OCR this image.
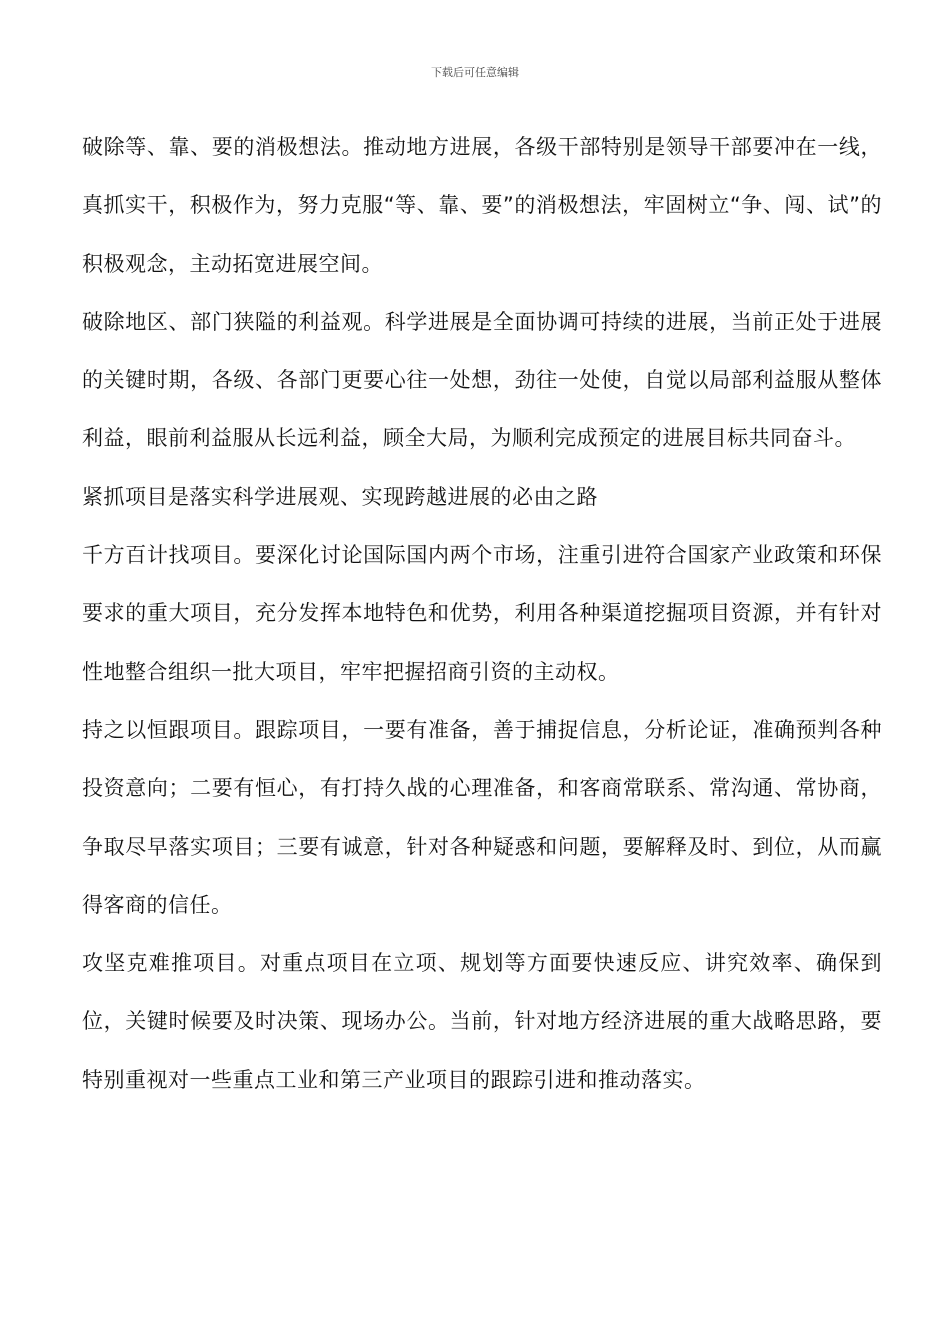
下载后可任意编辑

破除等、靠、要的消极想法。推动地方进展，各级干部特别是领导干部要冲在一线，真抓实干，积极作为，努力克服“等、靠、要”的消极想法，牢固树立“争、闯、试”的积极观念，主动拓宽进展空间。

破除地区、部门狭隘的利益观。科学进展是全面协调可持续的进展，当前正处于进展的关键时期，各级、各部门更要心往一处想，劲往一处使，自觉以局部利益服从整体利益，眼前利益服从长远利益，顾全大局，为顺利完成预定的进展目标共同奋斗。

紧抓项目是落实科学进展观、实现跨越进展的必由之路

千方百计找项目。要深化讨论国际国内两个市场，注重引进符合国家产业政策和环保要求的重大项目，充分发挥本地特色和优势，利用各种渠道挖掘项目资源，并有针对性地整合组织一批大项目，牢牢把握招商引资的主动权。

持之以恒跟项目。跟踪项目，一要有准备，善于捕捉信息，分析论证，准确预判各种投资意向；二要有恒心，有打持久战的心理准备，和客商常联系、常沟通、常协商，争取尽早落实项目；三要有诚意，针对各种疑惑和问题，要解释及时、到位，从而赢得客商的信任。

攻坚克难推项目。对重点项目在立项、规划等方面要快速反应、讲究效率、确保到位，关键时候要及时决策、现场办公。当前，针对地方经济进展的重大战略思路，要特别重视对一些重点工业和第三产业项目的跟踪引进和推动落实。
